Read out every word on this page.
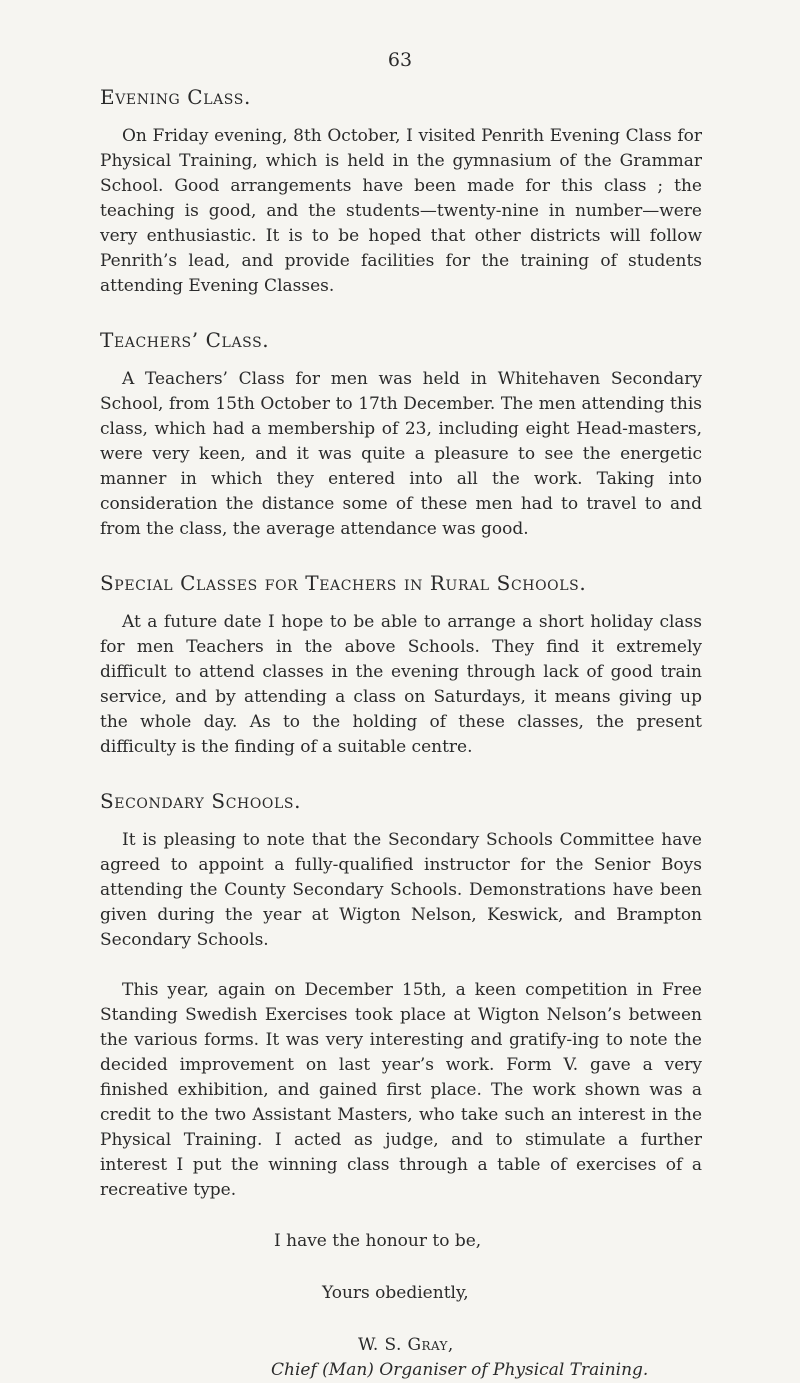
63
Evening Class.

On Friday evening, 8th October, I visited Penrith Evening Class for Physical Training, which is held in the gymnasium of the Grammar School. Good arrangements have been made for this class ; the teaching is good, and the students—twenty-nine in number—were very enthusiastic. It is to be hoped that other districts will follow Penrith’s lead, and provide facilities for the training of students attending Evening Classes.

Teachers’ Class.

A Teachers’ Class for men was held in Whitehaven Secondary School, from 15th October to 17th December. The men attending this class, which had a membership of 23, including eight Head-masters, were very keen, and it was quite a pleasure to see the energetic manner in which they entered into all the work. Taking into consideration the distance some of these men had to travel to and from the class, the average attendance was good.

Special Classes for Teachers in Rural Schools.

At a future date I hope to be able to arrange a short holiday class for men Teachers in the above Schools. They find it extremely difficult to attend classes in the evening through lack of good train service, and by attending a class on Saturdays, it means giving up the whole day. As to the holding of these classes, the present difficulty is the finding of a suitable centre.

Secondary Schools.

It is pleasing to note that the Secondary Schools Committee have agreed to appoint a fully-qualified instructor for the Senior Boys attending the County Secondary Schools. Demonstrations have been given during the year at Wigton Nelson, Keswick, and Brampton Secondary Schools.

This year, again on December 15th, a keen competition in Free Standing Swedish Exercises took place at Wigton Nelson’s between the various forms. It was very interesting and gratify-ing to note the decided improvement on last year’s work. Form V. gave a very finished exhibition, and gained first place. The work shown was a credit to the two Assistant Masters, who take such an interest in the Physical Training. I acted as judge, and to stimulate a further interest I put the winning class through a table of exercises of a recreative type.

I have the honour to be,
Yours obediently,
W. S. Gray,
Chief (Man) Organiser of Physical Training.
